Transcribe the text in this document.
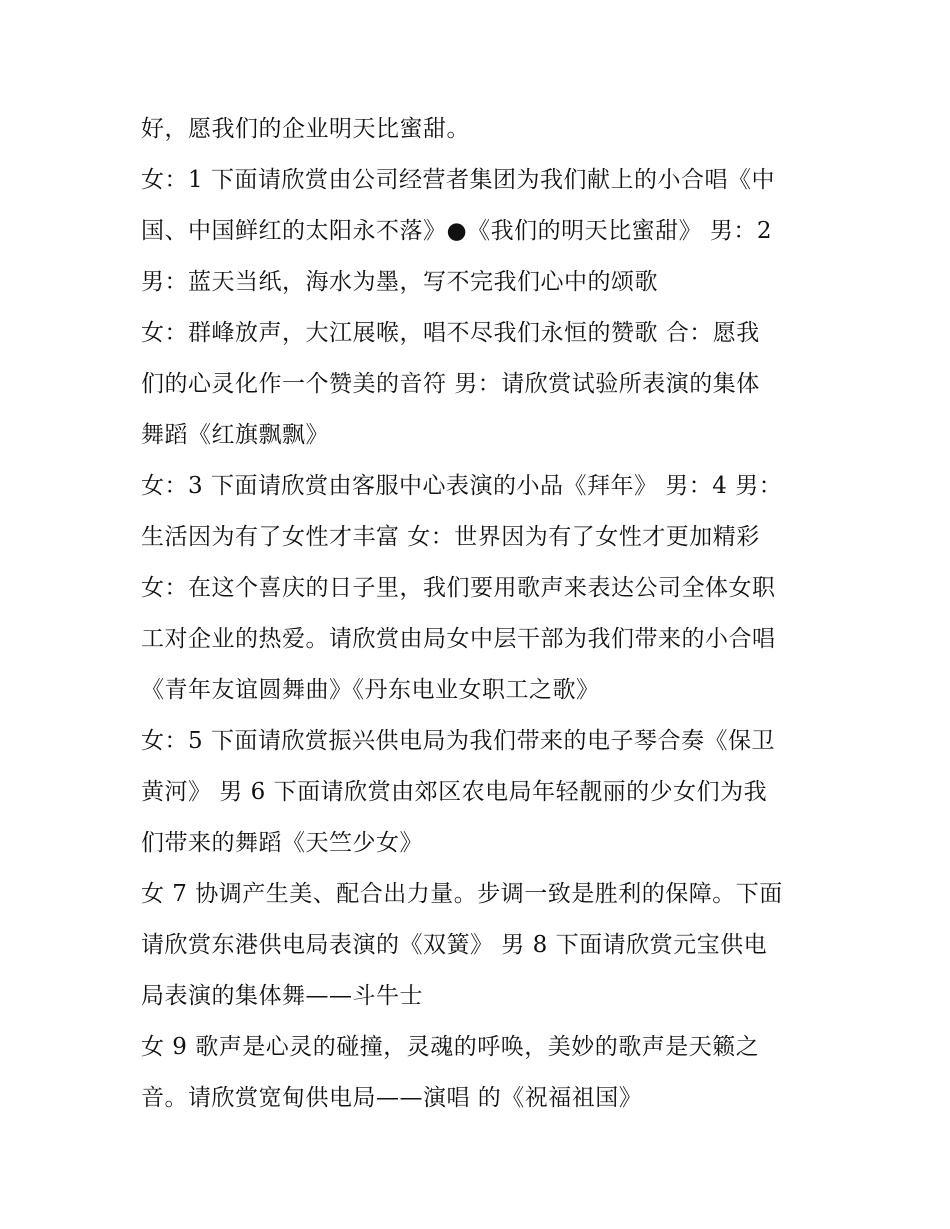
好，愿我们的企业明天比蜜甜。
女：1 下面请欣赏由公司经营者集团为我们献上的小合唱《中
国、中国鲜红的太阳永不落》●《我们的明天比蜜甜》 男：2
男：蓝天当纸，海水为墨，写不完我们心中的颂歌
女：群峰放声，大江展喉，唱不尽我们永恒的赞歌 合：愿我
们的心灵化作一个赞美的音符 男：请欣赏试验所表演的集体
舞蹈《红旗飘飘》
女：3 下面请欣赏由客服中心表演的小品《拜年》 男：4 男：
生活因为有了女性才丰富 女：世界因为有了女性才更加精彩
女：在这个喜庆的日子里，我们要用歌声来表达公司全体女职
工对企业的热爱。请欣赏由局女中层干部为我们带来的小合唱
《青年友谊圆舞曲》《丹东电业女职工之歌》
女：5 下面请欣赏振兴供电局为我们带来的电子琴合奏《保卫
黄河》 男 6 下面请欣赏由郊区农电局年轻靓丽的少女们为我
们带来的舞蹈《天竺少女》
女 7 协调产生美、配合出力量。步调一致是胜利的保障。下面
请欣赏东港供电局表演的《双簧》 男 8 下面请欣赏元宝供电
局表演的集体舞——斗牛士
女 9 歌声是心灵的碰撞，灵魂的呼唤，美妙的歌声是天籁之
音。请欣赏宽甸供电局——演唱 的《祝福祖国》
